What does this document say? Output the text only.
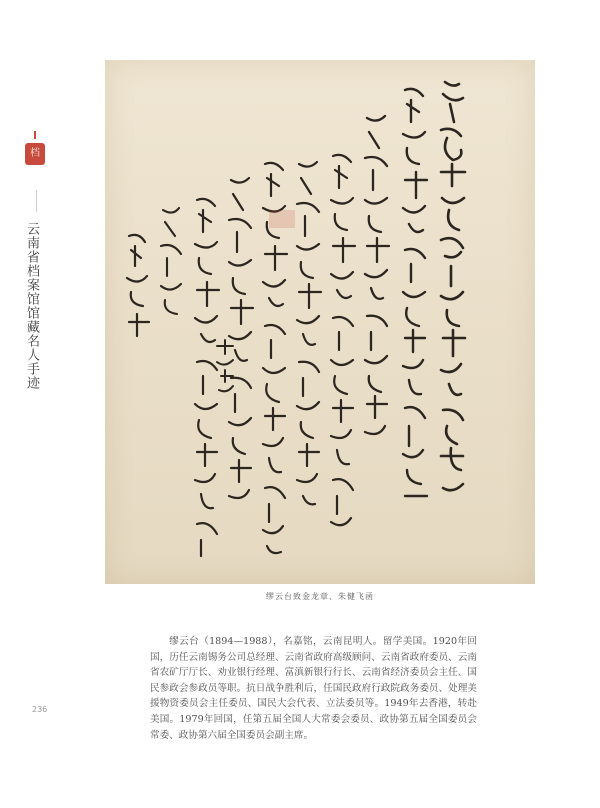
档
云南省档案馆馆藏名人手迹
缪云台致金龙章、朱健飞函
缪云台（1894—1988），名嘉铭，云南昆明人。留学美国。1920年回国，历任云南锡务公司总经理、云南省政府高级顾问、云南省政府委员、云南省农矿厅厅长、劝业银行经理、富滇新银行行长、云南省经济委员会主任、国民参政会参政员等职。抗日战争胜利后，任国民政府行政院政务委员、处理美援物资委员会主任委员、国民大会代表、立法委员等。1949年去香港，转赴美国。1979年回国，任第五届全国人大常委会委员、政协第五届全国委员会常委、政协第六届全国委员会副主席。
236
